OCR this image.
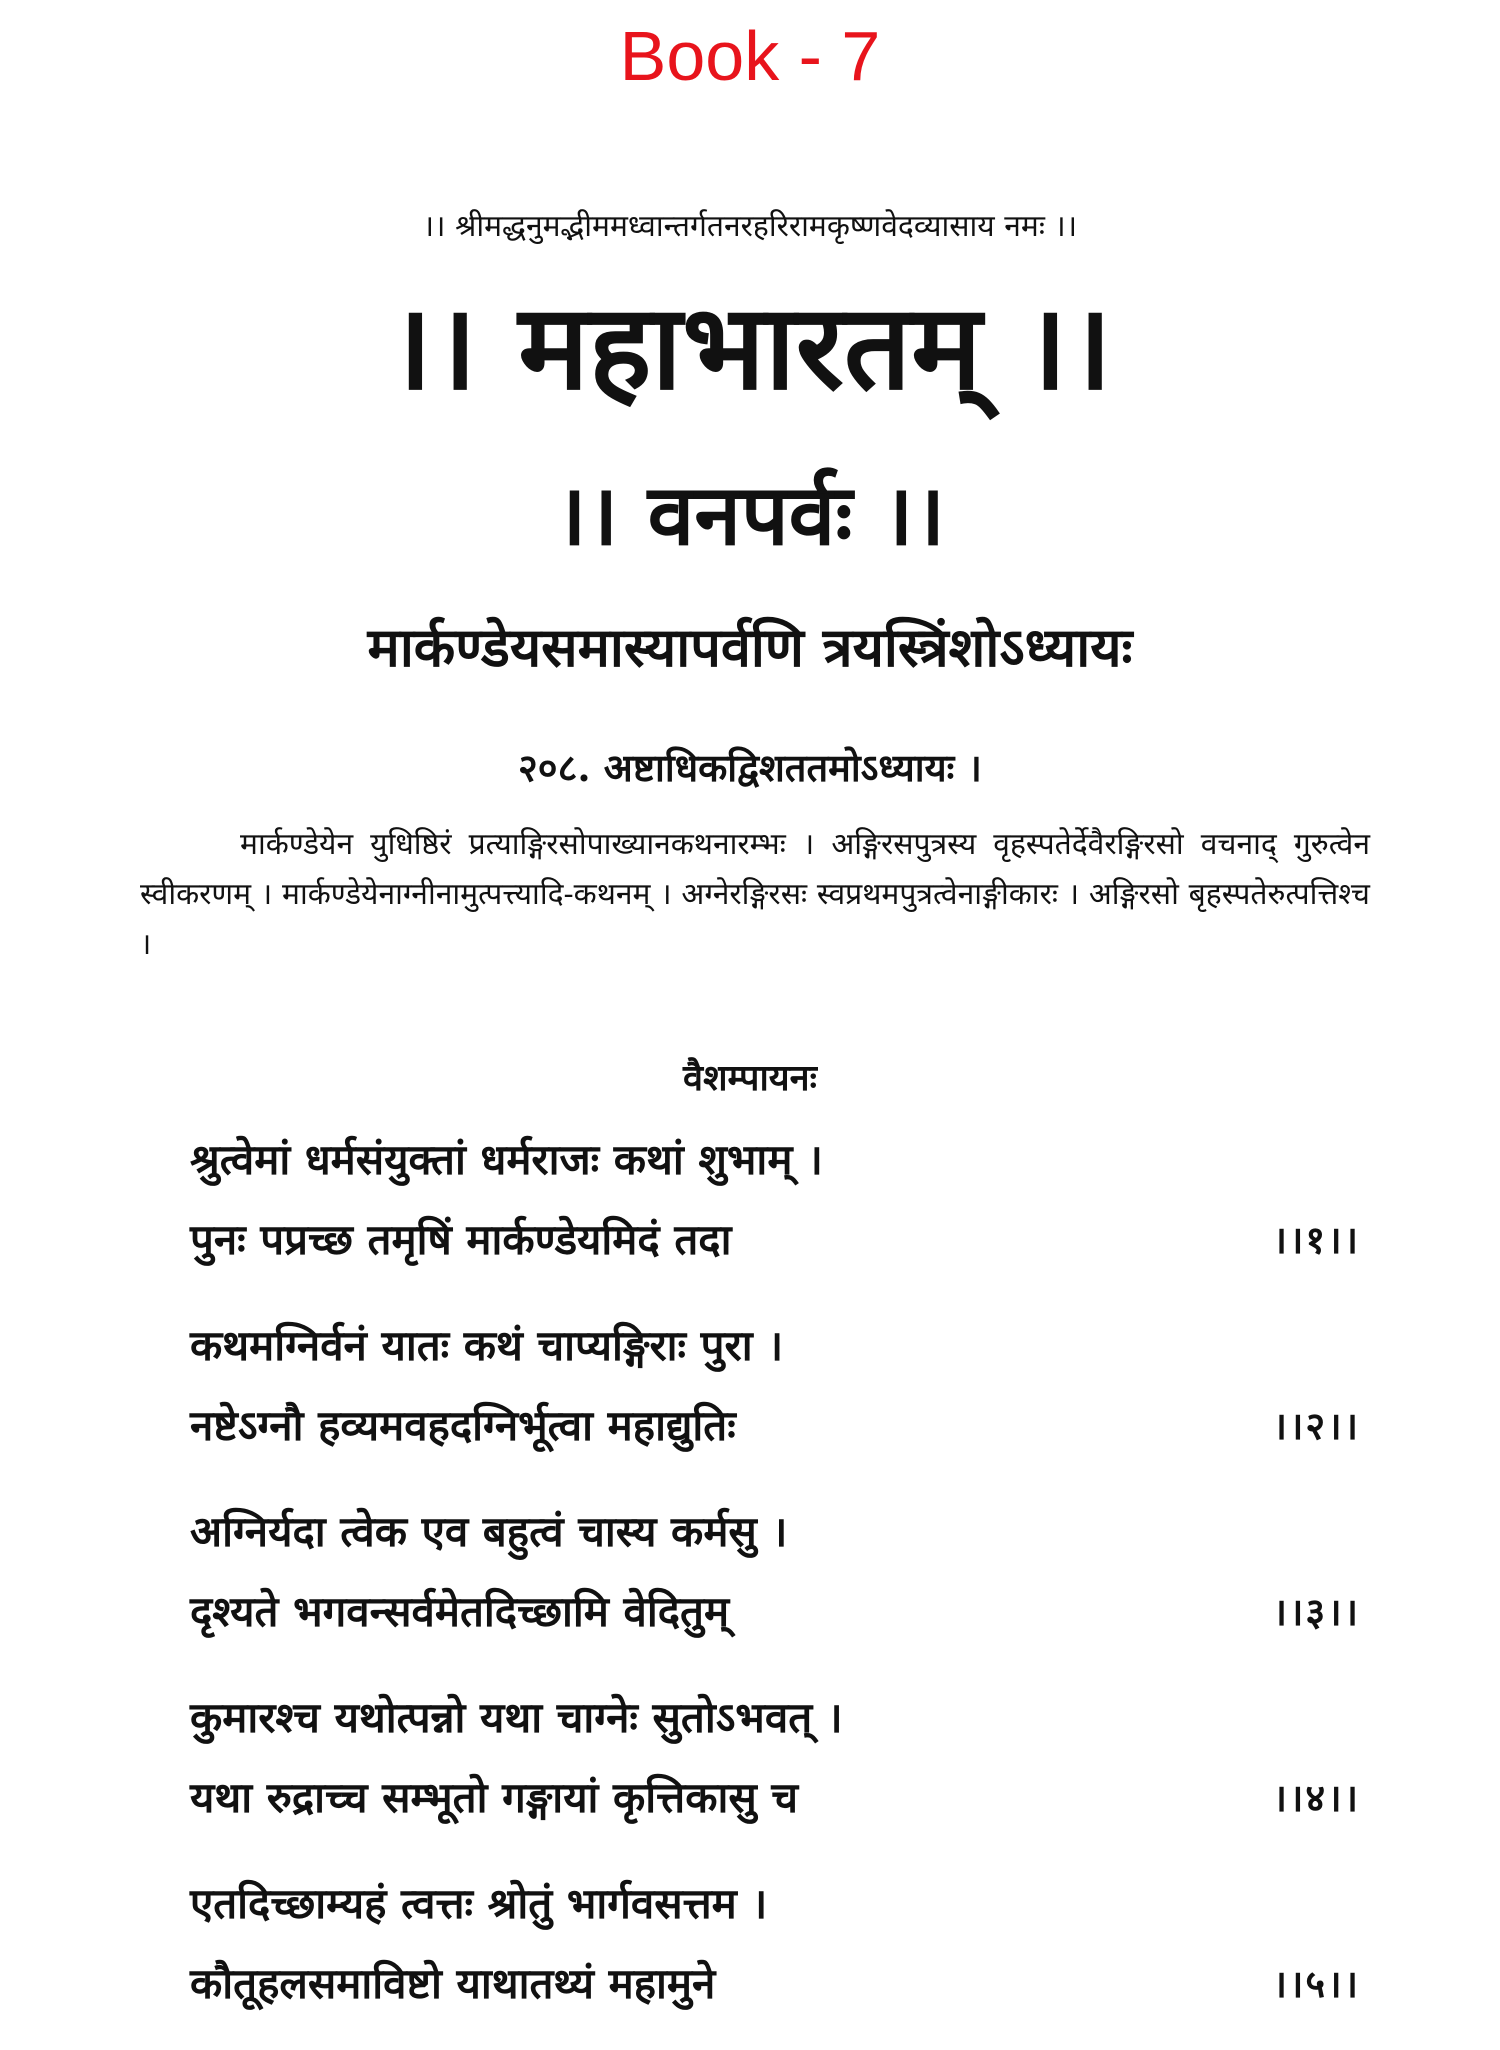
Book - 7
।। श्रीमद्धनुमद्भीममध्वान्तर्गतनरहरिरामकृष्णवेदव्यासाय नमः ।।
।। महाभारतम् ।।
।। वनपर्वः ।।
मार्कण्डेयसमास्यापर्वणि त्रयस्त्रिंशोऽध्यायः
२०८. अष्टाधिकद्विशततमोऽध्यायः ।
मार्कण्डेयेन युधिष्ठिरं प्रत्याङ्गिरसोपाख्यानकथनारम्भः । अङ्गिरसपुत्रस्य वृहस्पतेर्देवैरङ्गिरसो वचनाद् गुरुत्वेन स्वीकरणम् । मार्कण्डेयेनाग्नीनामुत्पत्त्यादि-कथनम् । अग्नेरङ्गिरसः स्वप्रथमपुत्रत्वेनाङ्गीकारः । अङ्गिरसो बृहस्पतेरुत्पत्तिश्च ।
वैशम्पायनः
श्रुत्वेमां धर्मसंयुक्तां धर्मराजः कथां शुभाम् ।
पुनः पप्रच्छ तमृषिं मार्कण्डेयमिदं तदा	।।१।।
कथमग्निर्वनं यातः कथं चाप्यङ्गिराः पुरा ।
नष्टेऽग्नौ हव्यमवहदग्निर्भूत्वा महाद्युतिः	।।२।।
अग्निर्यदा त्वेक एव बहुत्वं चास्य कर्मसु ।
दृश्यते भगवन्सर्वमेतदिच्छामि वेदितुम्	।।३।।
कुमारश्च यथोत्पन्नो यथा चाग्नेः सुतोऽभवत् ।
यथा रुद्राच्च सम्भूतो गङ्गायां कृत्तिकासु च	।।४।।
एतदिच्छाम्यहं त्वत्तः श्रोतुं भार्गवसत्तम ।
कौतूहलसमाविष्टो याथातथ्यं महामुने	।।५।।
